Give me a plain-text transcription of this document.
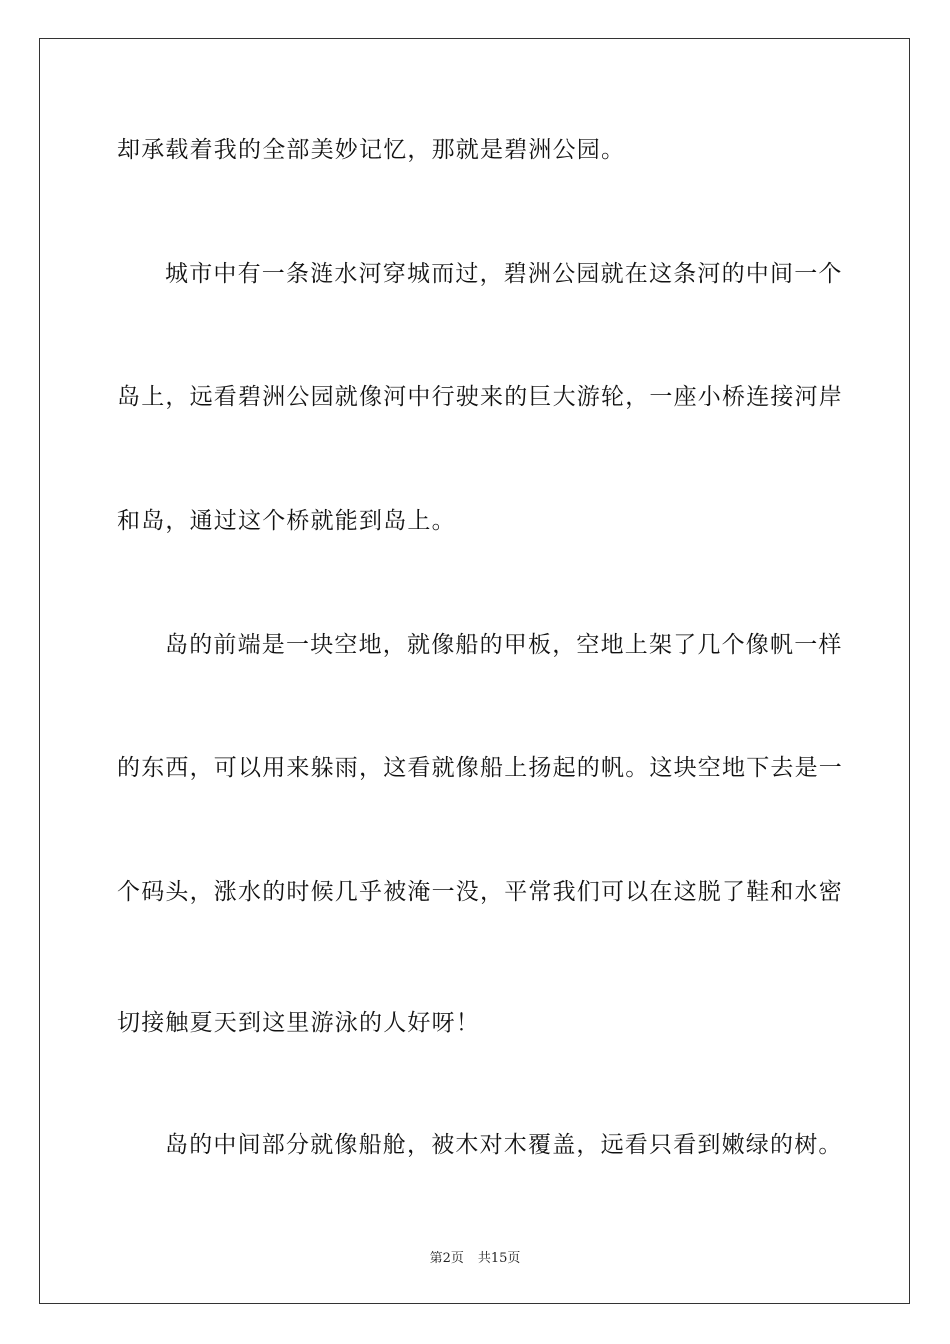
却承载着我的全部美妙记忆，那就是碧洲公园。
城市中有一条涟水河穿城而过，碧洲公园就在这条河的中间一个
岛上，远看碧洲公园就像河中行驶来的巨大游轮，一座小桥连接河岸
和岛，通过这个桥就能到岛上。
岛的前端是一块空地，就像船的甲板，空地上架了几个像帆一样
的东西，可以用来躲雨，这看就像船上扬起的帆。这块空地下去是一
个码头，涨水的时候几乎被淹一没，平常我们可以在这脱了鞋和水密
切接触夏天到这里游泳的人好呀！
岛的中间部分就像船舱，被木对木覆盖，远看只看到嫩绿的树。
第2页 共15页
